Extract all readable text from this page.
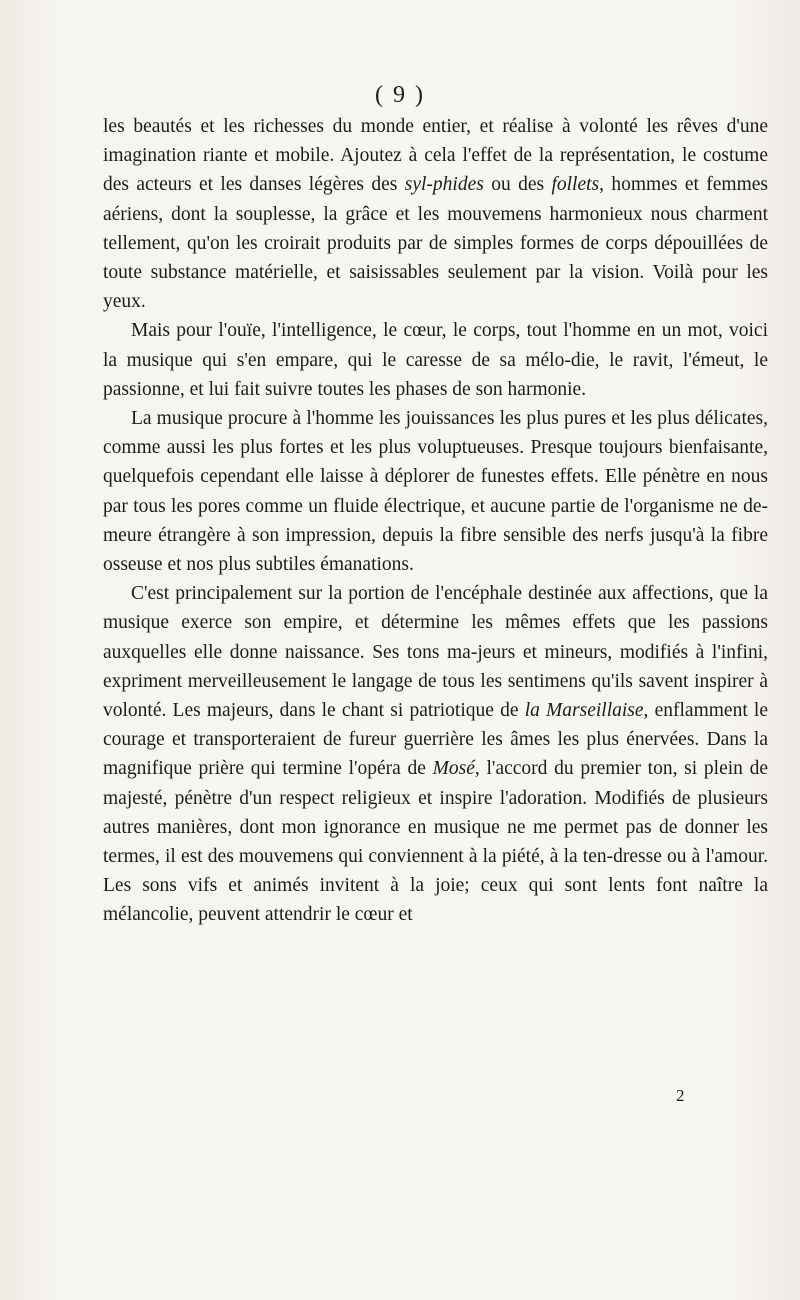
( 9 )

les beautés et les richesses du monde entier, et réalise à volonté les rêves d'une imagination riante et mobile. Ajoutez à cela l'effet de la représentation, le costume des acteurs et les danses légères des syl-phides ou des follets, hommes et femmes aériens, dont la souplesse, la grâce et les mouvemens harmonieux nous charment tellement, qu'on les croirait produits par de simples formes de corps dépouillées de toute substance matérielle, et saisissables seulement par la vision. Voilà pour les yeux.

Mais pour l'ouïe, l'intelligence, le cœur, le corps, tout l'homme en un mot, voici la musique qui s'en empare, qui le caresse de sa mélo-die, le ravit, l'émeut, le passionne, et lui fait suivre toutes les phases de son harmonie.

La musique procure à l'homme les jouissances les plus pures et les plus délicates, comme aussi les plus fortes et les plus voluptueuses. Presque toujours bienfaisante, quelquefois cependant elle laisse à déplorer de funestes effets. Elle pénètre en nous par tous les pores comme un fluide électrique, et aucune partie de l'organisme ne de-meure étrangère à son impression, depuis la fibre sensible des nerfs jusqu'à la fibre osseuse et nos plus subtiles émanations.

C'est principalement sur la portion de l'encéphale destinée aux affections, que la musique exerce son empire, et détermine les mêmes effets que les passions auxquelles elle donne naissance. Ses tons ma-jeurs et mineurs, modifiés à l'infini, expriment merveilleusement le langage de tous les sentimens qu'ils savent inspirer à volonté. Les majeurs, dans le chant si patriotique de la Marseillaise, enflamment le courage et transporteraient de fureur guerrière les âmes les plus énervées. Dans la magnifique prière qui termine l'opéra de Mosé, l'accord du premier ton, si plein de majesté, pénètre d'un respect religieux et inspire l'adoration. Modifiés de plusieurs autres manières, dont mon ignorance en musique ne me permet pas de donner les termes, il est des mouvemens qui conviennent à la piété, à la ten-dresse ou à l'amour. Les sons vifs et animés invitent à la joie; ceux qui sont lents font naître la mélancolie, peuvent attendrir le cœur et

2
